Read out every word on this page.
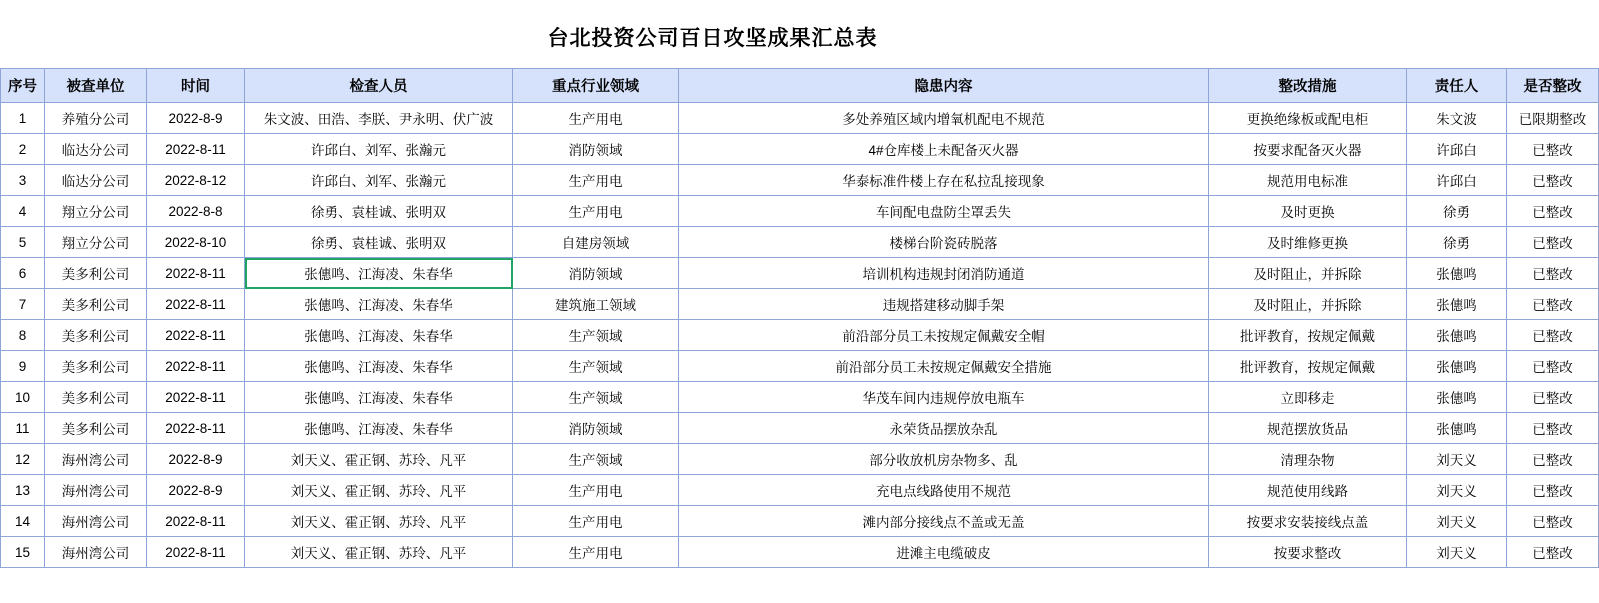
台北投资公司百日攻坚成果汇总表
序号	被查单位	时间	检查人员	重点行业领域	隐患内容	整改措施	责任人	是否整改
1	养殖分公司	2022-8-9	朱文波、田浩、李朕、尹永明、伏广波	生产用电	多处养殖区域内增氧机配电不规范	更换绝缘板或配电柜	朱文波	已限期整改
2	临达分公司	2022-8-11	许邱白、刘军、张瀚元	消防领域	4#仓库楼上未配备灭火器	按要求配备灭火器	许邱白	已整改
3	临达分公司	2022-8-12	许邱白、刘军、张瀚元	生产用电	华泰标准件楼上存在私拉乱接现象	规范用电标准	许邱白	已整改
4	翔立分公司	2022-8-8	徐勇、袁桂诚、张明双	生产用电	车间配电盘防尘罩丢失	及时更换	徐勇	已整改
5	翔立分公司	2022-8-10	徐勇、袁桂诚、张明双	自建房领域	楼梯台阶瓷砖脱落	及时维修更换	徐勇	已整改
6	美多利公司	2022-8-11	张僡鸣、江海凌、朱春华	消防领域	培训机构违规封闭消防通道	及时阻止，并拆除	张僡鸣	已整改
7	美多利公司	2022-8-11	张僡鸣、江海凌、朱春华	建筑施工领域	违规搭建移动脚手架	及时阻止，并拆除	张僡鸣	已整改
8	美多利公司	2022-8-11	张僡鸣、江海凌、朱春华	生产领域	前沿部分员工未按规定佩戴安全帽	批评教育，按规定佩戴	张僡鸣	已整改
9	美多利公司	2022-8-11	张僡鸣、江海凌、朱春华	生产领域	前沿部分员工未按规定佩戴安全措施	批评教育，按规定佩戴	张僡鸣	已整改
10	美多利公司	2022-8-11	张僡鸣、江海凌、朱春华	生产领域	华茂车间内违规停放电瓶车	立即移走	张僡鸣	已整改
11	美多利公司	2022-8-11	张僡鸣、江海凌、朱春华	消防领域	永荣货品摆放杂乱	规范摆放货品	张僡鸣	已整改
12	海州湾公司	2022-8-9	刘天义、霍正钢、苏玲、凡平	生产领域	部分收放机房杂物多、乱	清理杂物	刘天义	已整改
13	海州湾公司	2022-8-9	刘天义、霍正钢、苏玲、凡平	生产用电	充电点线路使用不规范	规范使用线路	刘天义	已整改
14	海州湾公司	2022-8-11	刘天义、霍正钢、苏玲、凡平	生产用电	滩内部分接线点不盖或无盖	按要求安装接线点盖	刘天义	已整改
15	海州湾公司	2022-8-11	刘天义、霍正钢、苏玲、凡平	生产用电	进滩主电缆破皮	按要求整改	刘天义	已整改
